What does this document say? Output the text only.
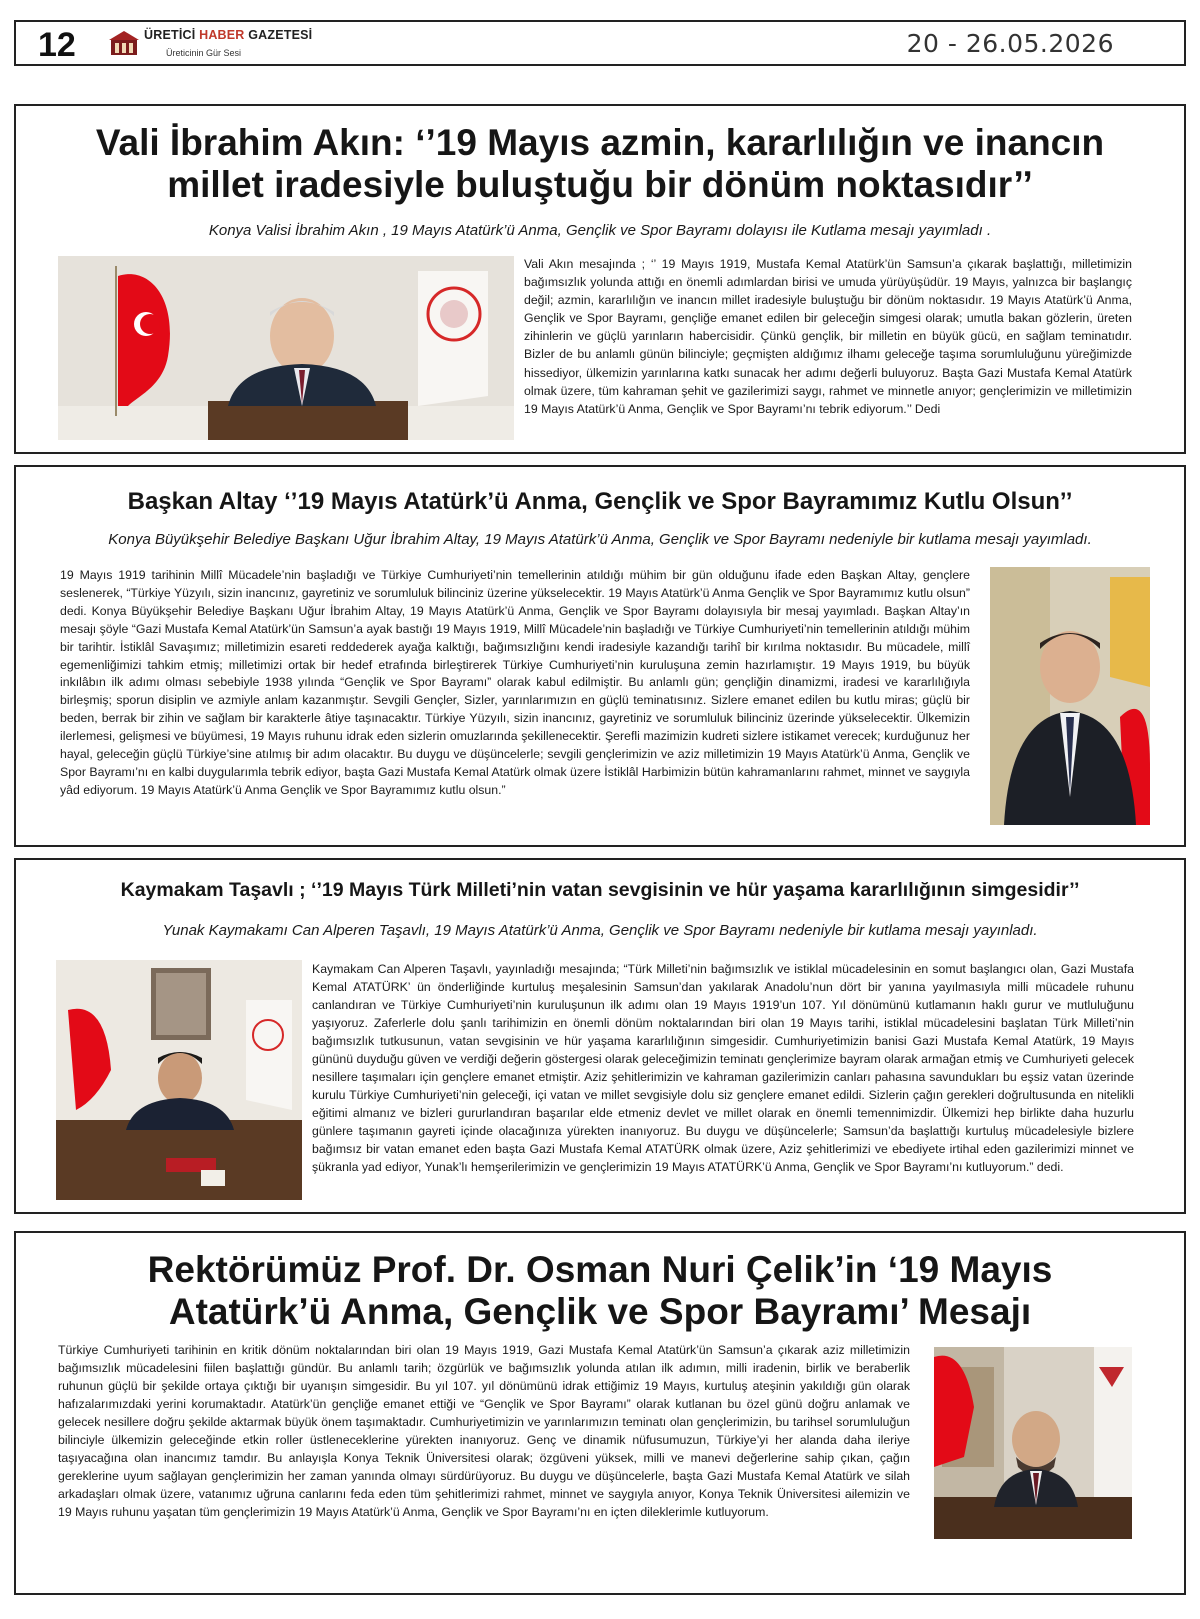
12	ÜRETİCİ HABER GAZETESİ
Üreticinin Gür Sesi	20 - 26.05.2026
Vali İbrahim Akın: ‘’19 Mayıs azmin, kararlılığın ve inancın millet iradesiyle buluştuğu bir dönüm noktasıdır’’
Konya Valisi İbrahim Akın , 19 Mayıs Atatürk’ü Anma, Gençlik ve Spor Bayramı dolayısı ile Kutlama mesajı yayımladı .

Vali Akın mesajında ; ‘’ 19 Mayıs 1919, Mustafa Kemal Atatürk’ün Samsun’a çıkarak başlattığı, milletimizin bağımsızlık yolunda attığı en önemli adımlardan birisi ve umuda yürüyüşüdür. 19 Mayıs, yalnızca bir başlangıç değil; azmin, kararlılığın ve inancın millet iradesiyle buluştuğu bir dönüm noktasıdır. 19 Mayıs Atatürk’ü Anma, Gençlik ve Spor Bayramı, gençliğe emanet edilen bir geleceğin simgesi olarak; umutla bakan gözlerin, üreten zihinlerin ve güçlü yarınların habercisidir. Çünkü gençlik, bir milletin en büyük gücü, en sağlam teminatıdır. Bizler de bu anlamlı günün bilinciyle; geçmişten aldığımız ilhamı geleceğe taşıma sorumluluğunu yüreğimizde hissediyor, ülkemizin yarınlarına katkı sunacak her adımı değerli buluyoruz. Başta Gazi Mustafa Kemal Atatürk olmak üzere, tüm kahraman şehit ve gazilerimizi saygı, rahmet ve minnetle anıyor; gençlerimizin ve milletimizin 19 Mayıs Atatürk’ü Anma, Gençlik ve Spor Bayramı’nı tebrik ediyorum.’’ Dedi

Başkan Altay ‘’19 Mayıs Atatürk’ü Anma, Gençlik ve Spor Bayramımız Kutlu Olsun’’
Konya Büyükşehir Belediye Başkanı Uğur İbrahim Altay, 19 Mayıs Atatürk’ü Anma, Gençlik ve Spor Bayramı nedeniyle bir kutlama mesajı yayımladı.

19 Mayıs 1919 tarihinin Millî Mücadele’nin başladığı ve Türkiye Cumhuriyeti’nin temellerinin atıldığı mühim bir gün olduğunu ifade eden Başkan Altay, gençlere seslenerek, “Türkiye Yüzyılı, sizin inancınız, gayretiniz ve sorumluluk bilinciniz üzerine yükselecektir. 19 Mayıs Atatürk’ü Anma Gençlik ve Spor Bayramımız kutlu olsun” dedi. Konya Büyükşehir Belediye Başkanı Uğur İbrahim Altay, 19 Mayıs Atatürk’ü Anma, Gençlik ve Spor Bayramı dolayısıyla bir mesaj yayımladı. Başkan Altay’ın mesajı şöyle “Gazi Mustafa Kemal Atatürk’ün Samsun’a ayak bastığı 19 Mayıs 1919, Millî Mücadele’nin başladığı ve Türkiye Cumhuriyeti’nin temellerinin atıldığı mühim bir tarihtir. İstiklâl Savaşımız; milletimizin esareti reddederek ayağa kalktığı, bağımsızlığını kendi iradesiyle kazandığı tarihî bir kırılma noktasıdır. Bu mücadele, millî egemenliğimizi tahkim etmiş; milletimizi ortak bir hedef etrafında birleştirerek Türkiye Cumhuriyeti’nin kuruluşuna zemin hazırlamıştır. 19 Mayıs 1919, bu büyük inkılâbın ilk adımı olması sebebiyle 1938 yılında “Gençlik ve Spor Bayramı” olarak kabul edilmiştir. Bu anlamlı gün; gençliğin dinamizmi, iradesi ve kararlılığıyla birleşmiş; sporun disiplin ve azmiyle anlam kazanmıştır. Sevgili Gençler, Sizler, yarınlarımızın en güçlü teminatısınız. Sizlere emanet edilen bu kutlu miras; güçlü bir beden, berrak bir zihin ve sağlam bir karakterle âtiye taşınacaktır. Türkiye Yüzyılı, sizin inancınız, gayretiniz ve sorumluluk bilinciniz üzerinde yükselecektir. Ülkemizin ilerlemesi, gelişmesi ve büyümesi, 19 Mayıs ruhunu idrak eden sizlerin omuzlarında şekillenecektir. Şerefli mazimizin kudreti sizlere istikamet verecek; kurduğunuz her hayal, geleceğin güçlü Türkiye’sine atılmış bir adım olacaktır. Bu duygu ve düşüncelerle; sevgili gençlerimizin ve aziz milletimizin 19 Mayıs Atatürk’ü Anma, Gençlik ve Spor Bayramı’nı en kalbi duygularımla tebrik ediyor, başta Gazi Mustafa Kemal Atatürk olmak üzere İstiklâl Harbimizin bütün kahramanlarını rahmet, minnet ve saygıyla yâd ediyorum. 19 Mayıs Atatürk’ü Anma Gençlik ve Spor Bayramımız kutlu olsun.”

Kaymakam Taşavlı ; ‘’19 Mayıs Türk Milleti’nin vatan sevgisinin ve hür yaşama kararlılığının simgesidir’’
Yunak Kaymakamı Can Alperen Taşavlı, 19 Mayıs Atatürk’ü Anma, Gençlik ve Spor Bayramı nedeniyle bir kutlama mesajı yayınladı.

Kaymakam Can Alperen Taşavlı, yayınladığı mesajında; “Türk Milleti’nin bağımsızlık ve istiklal mücadelesinin en somut başlangıcı olan, Gazi Mustafa Kemal ATATÜRK’ ün önderliğinde kurtuluş meşalesinin Samsun’dan yakılarak Anadolu’nun dört bir yanına yayılmasıyla milli mücadele ruhunu canlandıran ve Türkiye Cumhuriyeti’nin kuruluşunun ilk adımı olan 19 Mayıs 1919’un 107. Yıl dönümünü kutlamanın haklı gurur ve mutluluğunu yaşıyoruz. Zaferlerle dolu şanlı tarihimizin en önemli dönüm noktalarından biri olan 19 Mayıs tarihi, istiklal mücadelesini başlatan Türk Milleti’nin bağımsızlık tutkusunun, vatan sevgisinin ve hür yaşama kararlılığının simgesidir. Cumhuriyetimizin banisi Gazi Mustafa Kemal Atatürk, 19 Mayıs gününü duyduğu güven ve verdiği değerin göstergesi olarak geleceğimizin teminatı gençlerimize bayram olarak armağan etmiş ve Cumhuriyeti gelecek nesillere taşımaları için gençlere emanet etmiştir. Aziz şehitlerimizin ve kahraman gazilerimizin canları pahasına savundukları bu eşsiz vatan üzerinde kurulu Türkiye Cumhuriyeti’nin geleceği, içi vatan ve millet sevgisiyle dolu siz gençlere emanet edildi. Sizlerin çağın gerekleri doğrultusunda en nitelikli eğitimi almanız ve bizleri gururlandıran başarılar elde etmeniz devlet ve millet olarak en önemli temennimizdir. Ülkemizi hep birlikte daha huzurlu günlere taşımanın gayreti içinde olacağınıza yürekten inanıyoruz. Bu duygu ve düşüncelerle; Samsun’da başlattığı kurtuluş mücadelesiyle bizlere bağımsız bir vatan emanet eden başta Gazi Mustafa Kemal ATATÜRK olmak üzere, Aziz şehitlerimizi ve ebediyete irtihal eden gazilerimizi minnet ve şükranla yad ediyor, Yunak’lı hemşerilerimizin ve gençlerimizin 19 Mayıs ATATÜRK’ü Anma, Gençlik ve Spor Bayramı’nı kutluyorum.” dedi.

Rektörümüz Prof. Dr. Osman Nuri Çelik’in ‘19 Mayıs Atatürk’ü Anma, Gençlik ve Spor Bayramı’ Mesajı

Türkiye Cumhuriyeti tarihinin en kritik dönüm noktalarından biri olan 19 Mayıs 1919, Gazi Mustafa Kemal Atatürk’ün Samsun’a çıkarak aziz milletimizin bağımsızlık mücadelesini fiilen başlattığı gündür. Bu anlamlı tarih; özgürlük ve bağımsızlık yolunda atılan ilk adımın, milli iradenin, birlik ve beraberlik ruhunun güçlü bir şekilde ortaya çıktığı bir uyanışın simgesidir. Bu yıl 107. yıl dönümünü idrak ettiğimiz 19 Mayıs, kurtuluş ateşinin yakıldığı gün olarak hafızalarımızdaki yerini korumaktadır. Atatürk’ün gençliğe emanet ettiği ve “Gençlik ve Spor Bayramı” olarak kutlanan bu özel günü doğru anlamak ve gelecek nesillere doğru şekilde aktarmak büyük önem taşımaktadır. Cumhuriyetimizin ve yarınlarımızın teminatı olan gençlerimizin, bu tarihsel sorumluluğun bilinciyle ülkemizin geleceğinde etkin roller üstleneceklerine yürekten inanıyoruz. Genç ve dinamik nüfusumuzun, Türkiye’yi her alanda daha ileriye taşıyacağına olan inancımız tamdır. Bu anlayışla Konya Teknik Üniversitesi olarak; özgüveni yüksek, milli ve manevi değerlerine sahip çıkan, çağın gereklerine uyum sağlayan gençlerimizin her zaman yanında olmayı sürdürüyoruz. Bu duygu ve düşüncelerle, başta Gazi Mustafa Kemal Atatürk ve silah arkadaşları olmak üzere, vatanımız uğruna canlarını feda eden tüm şehitlerimizi rahmet, minnet ve saygıyla anıyor, Konya Teknik Üniversitesi ailemizin ve 19 Mayıs ruhunu yaşatan tüm gençlerimizin 19 Mayıs Atatürk’ü Anma, Gençlik ve Spor Bayramı’nı en içten dileklerimle kutluyorum.
